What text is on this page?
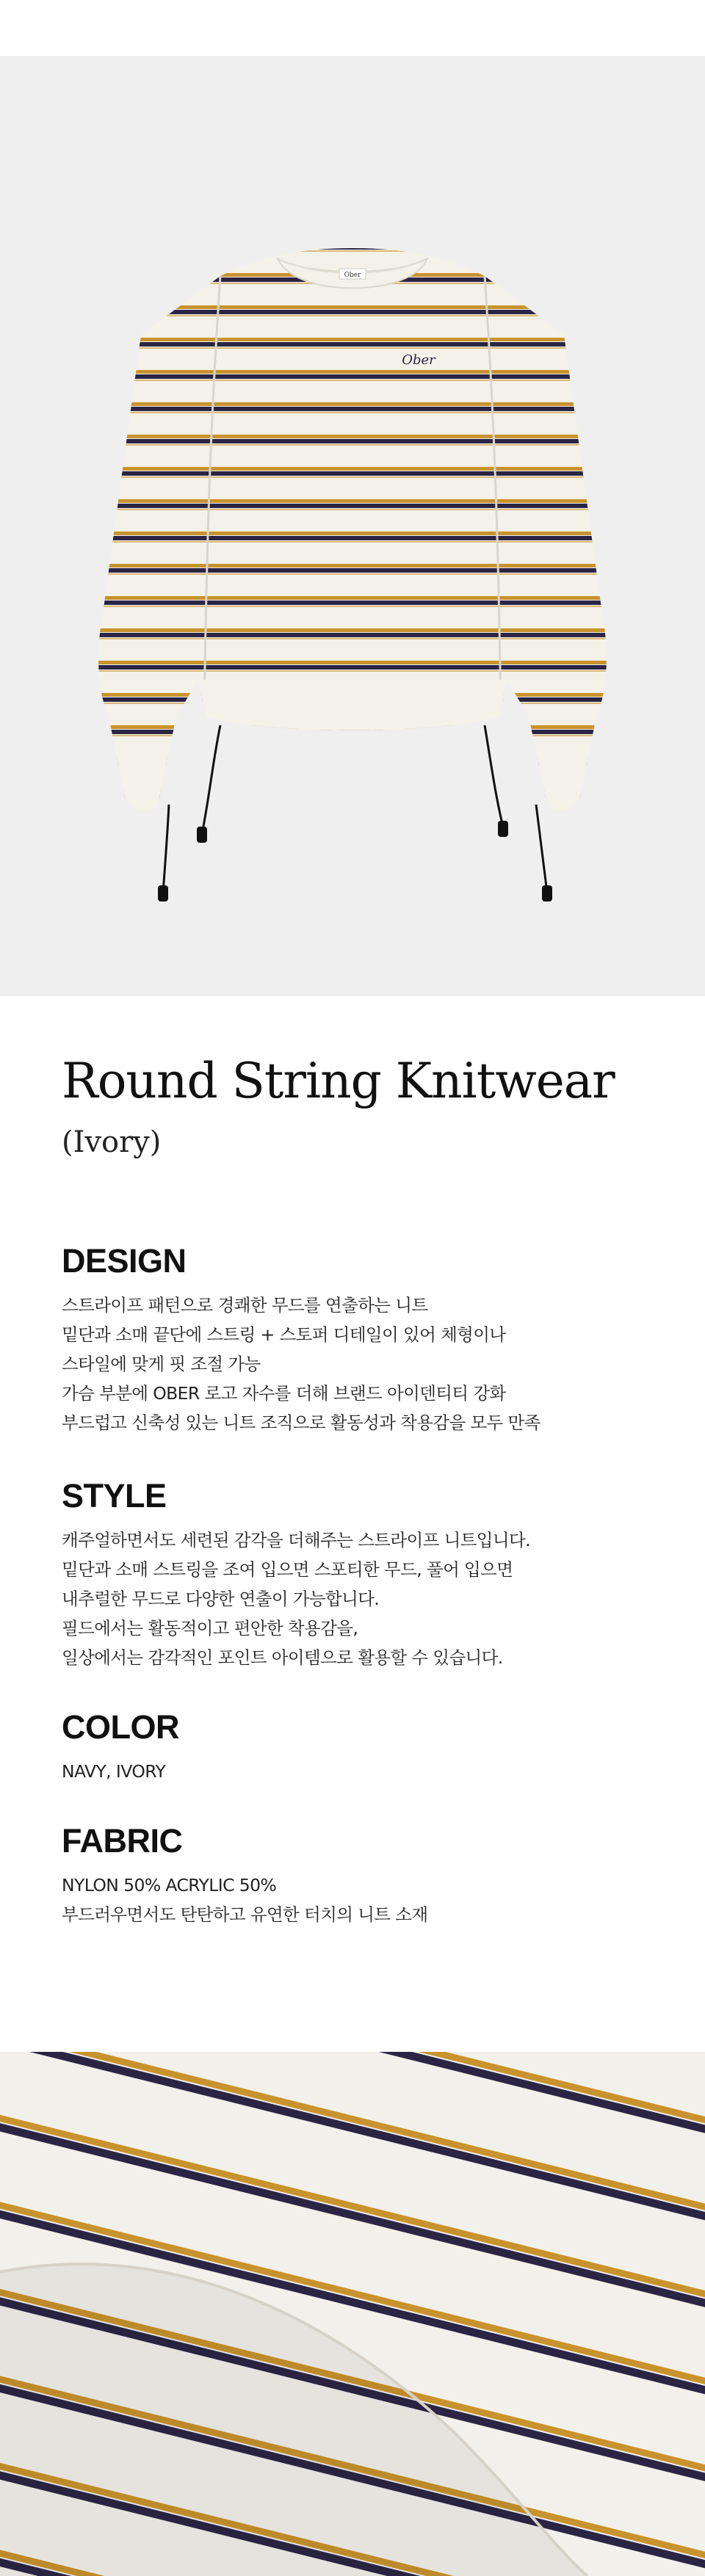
Ober
Ober
Round String Knitwear
(Ivory)
DESIGN
스트라이프 패턴으로 경쾌한 무드를 연출하는 니트
밑단과 소매 끝단에 스트링 + 스토퍼 디테일이 있어 체형이나
스타일에 맞게 핏 조절 가능
가슴 부분에 OBER 로고 자수를 더해 브랜드 아이덴티티 강화
부드럽고 신축성 있는 니트 조직으로 활동성과 착용감을 모두 만족
STYLE
캐주얼하면서도 세련된 감각을 더해주는 스트라이프 니트입니다.
밑단과 소매 스트링을 조여 입으면 스포티한 무드, 풀어 입으면
내추럴한 무드로 다양한 연출이 가능합니다.
필드에서는 활동적이고 편안한 착용감을,
일상에서는 감각적인 포인트 아이템으로 활용할 수 있습니다.
COLOR
NAVY, IVORY
FABRIC
NYLON 50% ACRYLIC 50%
부드러우면서도 탄탄하고 유연한 터치의 니트 소재
